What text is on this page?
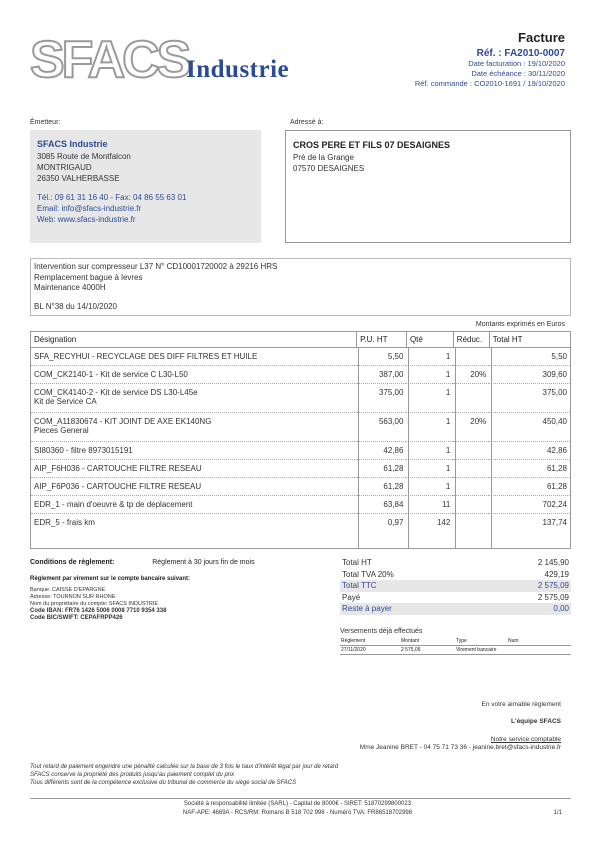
SFACS
Industrie
Facture
Réf. : FA2010-0007
Date facturation : 19/10/2020
Date échéance : 30/11/2020
Réf. commande : CO2010-1691 / 19/10/2020
Émetteur:	Adressé à:
SFACS Industrie
3085 Route de Montfalcon
MONTRIGAUD
26350 VALHERBASSE
Tél.: 09 61 31 16 40 - Fax: 04 86 55 63 01
Email: info@sfacs-industrie.fr
Web: www.sfacs-industrie.fr
CROS PERE ET FILS 07 DESAIGNES
Pré de la Grange
07570 DESAIGNES
Intervention sur compresseur L37 N° CD10001720002 à 29216 HRS
Remplacement bague à levres
Maintenance 4000H
BL N°38 du 14/10/2020
Montants exprimés en Euros
Désignation	P.U. HT	Qté	Réduc.	Total HT

SFA_RECYHUI - RECYCLAGE DES DIFF FILTRES ET HUILE	5,50	1		5,50

COM_CK2140-1 - Kit de service C L30-L50	387,00	1	20%	309,60

COM_CK4140-2 - Kit de service DS L30-L45e
Kit de Service CA	375,00	1		375,00

COM_A11830674 - KIT JOINT DE AXE EK140NG
Pieces General	563,00	1	20%	450,40

SI80360 - filtre 8973015191	42,86	1		42,86

AIP_F6H036 - CARTOUCHE FILTRE RESEAU	61,28	1		61,28

AIP_F6P036 - CARTOUCHE FILTRE RESEAU	61,28	1		61,28

EDR_1 - main d'oeuvre & tp de deplacement	63,84	11		702,24

EDR_5 - frais km	0,97	142		137,74
Conditions de règlement:	Règlement à 30 jours fin de mois
Règlement par virement sur le compte bancaire suivant:
Banque: CAISSE D'EPARGNE
Adresse: TOURNON SUR RHONE
Nom du propriétaire du compte: SFACS INDUSTRIE
Code IBAN: FR76 1426 5006 0008 7710 9354 338
Code BIC/SWIFT: CEPAFRPP426
Total HT	2 145,90
Total TVA 20%	429,19
Total TTC	2 575,09
Payé	2 575,09
Reste à payer	0,00
Versements déjà effectués
Règlement	Montant	Type	Num
27/11/2020	2 575,09	Virement bancaire	
En votre aimable règlement
L'équipe SFACS
Notre service comptable
Mme Jeanine BRET - 04 75 71 73 36 - jeanine.bret@sfacs-industrie.fr
Tout retard de paiement engendre une pénalité calculée sur la base de 3 fois le taux d'intérêt légal par jour de retard
SFACS conserve la propriété des produits jusqu'au paiement complet du prix
Tous différents sont de la compétence exclusive du tribunal de commerce du siège social de SFACS
Société à responsabilité limitée (SARL) - Capital de 8000€ - SIRET: 51870299800023
NAF-APE: 4669A - RCS/RM: Romans B 518 702 998 - Numéro TVA: FR86518702998	1/1
